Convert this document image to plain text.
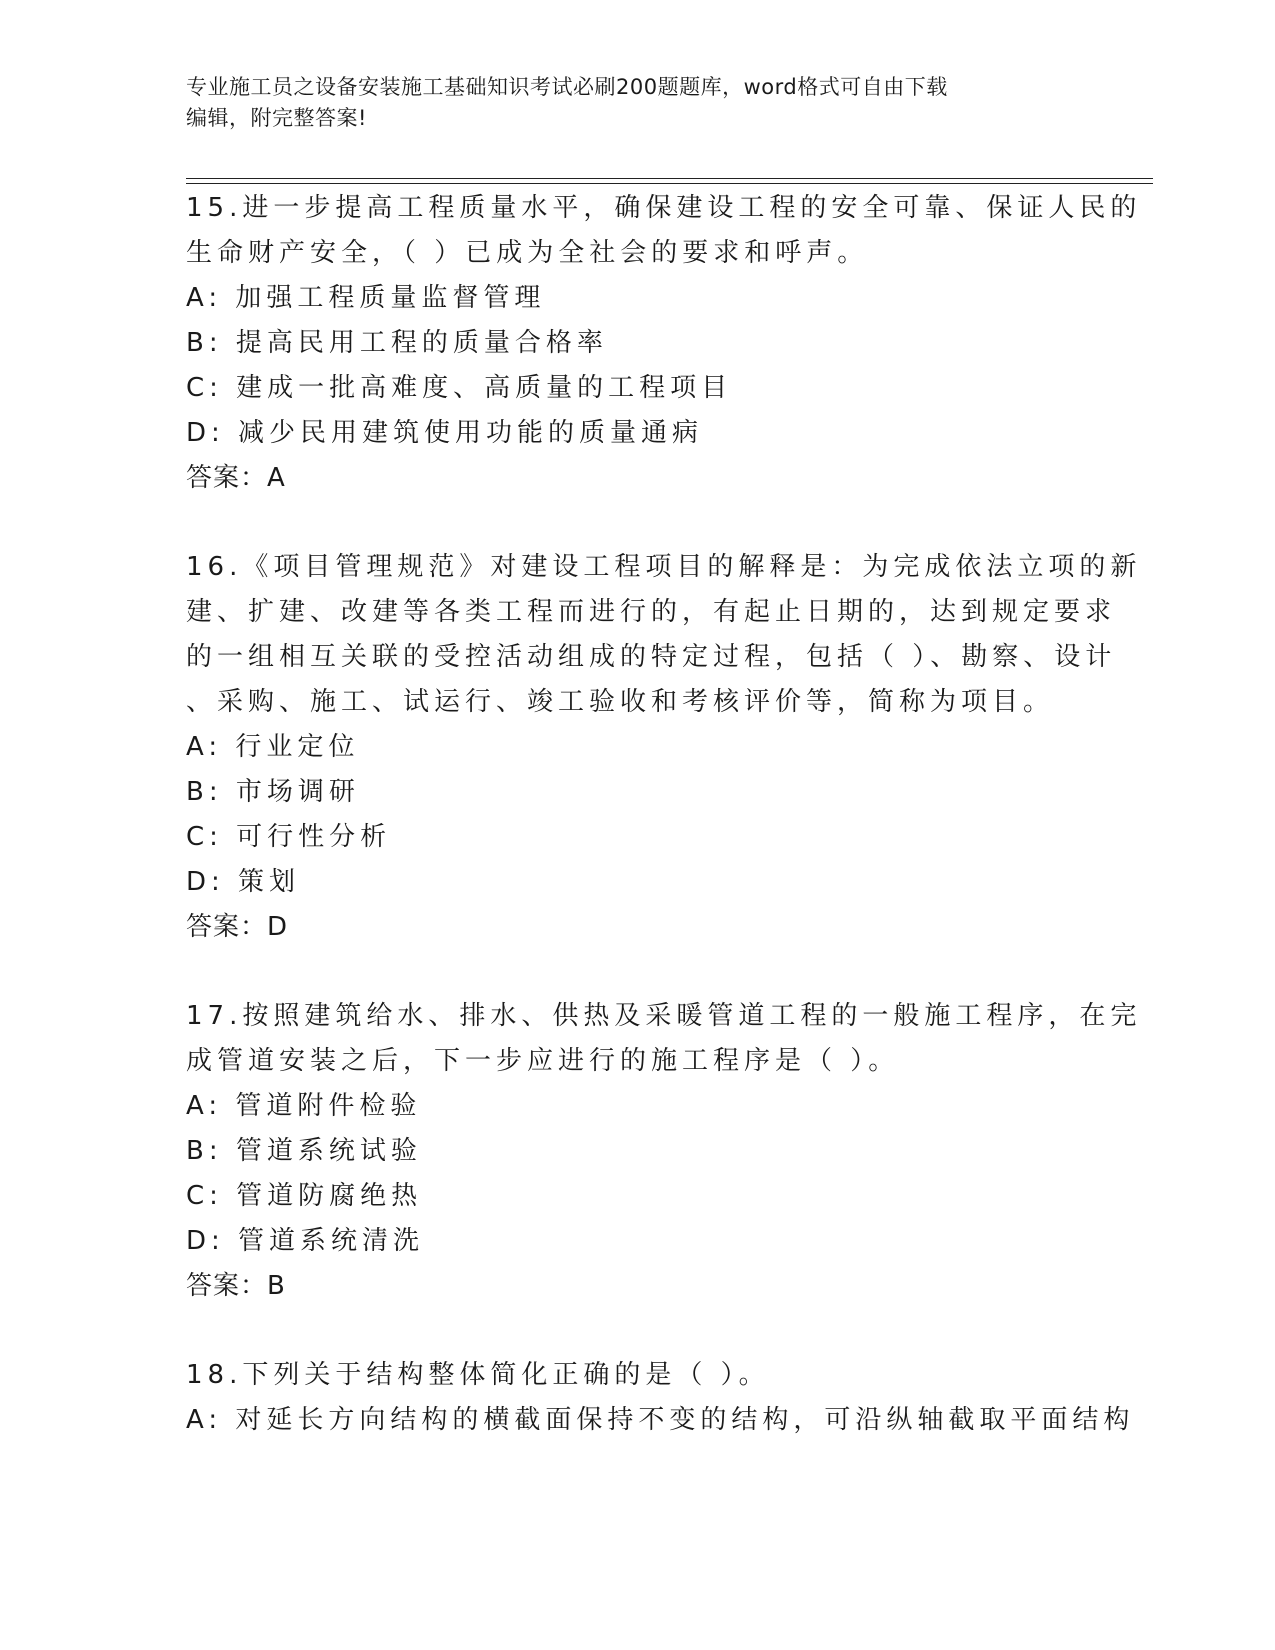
专业施工员之设备安装施工基础知识考试必刷200题题库，word格式可自由下载
编辑，附完整答案!
15.进一步提高工程质量水平，确保建设工程的安全可靠、保证人民的
生命财产安全，（ ）已成为全社会的要求和呼声。
A: 加强工程质量监督管理
B: 提高民用工程的质量合格率
C: 建成一批高难度、高质量的工程项目
D: 减少民用建筑使用功能的质量通病
答案：A
16.《项目管理规范》对建设工程项目的解释是：为完成依法立项的新
建、扩建、改建等各类工程而进行的，有起止日期的，达到规定要求
的一组相互关联的受控活动组成的特定过程，包括（ ）、勘察、设计
、采购、施工、试运行、竣工验收和考核评价等，简称为项目。
A: 行业定位
B: 市场调研
C: 可行性分析
D: 策划
答案：D
17.按照建筑给水、排水、供热及采暖管道工程的一般施工程序，在完
成管道安装之后，下一步应进行的施工程序是（ ）。
A: 管道附件检验
B: 管道系统试验
C: 管道防腐绝热
D: 管道系统清洗
答案：B
18.下列关于结构整体简化正确的是（ ）。
A: 对延长方向结构的横截面保持不变的结构，可沿纵轴截取平面结构
